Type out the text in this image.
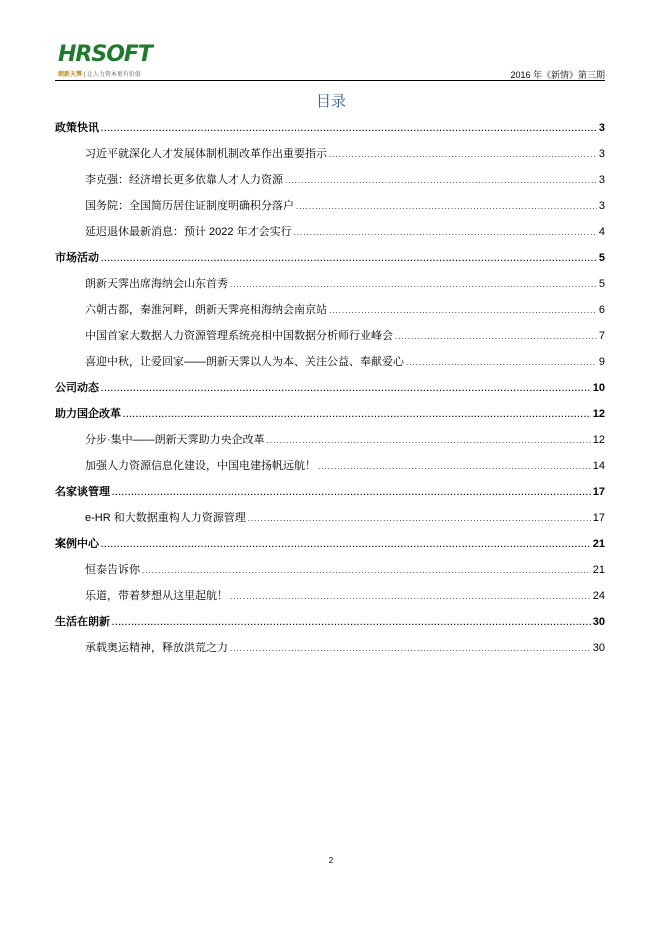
HRSOFT
朗新天霁 | 让人力资本更有价值	2016 年《新情》第三期
目录
政策快讯 .....	3
习近平就深化人才发展体制机制改革作出重要指示 .....	3
李克强：经济增长更多依靠人才人力资源 .....	3
国务院：全国简历居住证制度明确积分落户 .....	3
延迟退休最新消息：预计 2022 年才会实行 .....	4
市场活动 .....	5
朗新天霁出席海纳会山东首秀 .....	5
六朝古都，秦淮河畔，朗新天霁亮相海纳会南京站 .....	6
中国首家大数据人力资源管理系统亮相中国数据分析师行业峰会 .....	7
喜迎中秋，让爱回家——朗新天霁以人为本、关注公益、奉献爱心 .....	9
公司动态 .....	10
助力国企改革 .....	12
分步·集中——朗新天霁助力央企改革 .....	12
加强人力资源信息化建设，中国电建扬帆远航！ .....	14
名家谈管理 .....	17
e-HR 和大数据重构人力资源管理 .....	17
案例中心 .....	21
恒泰告诉你 .....	21
乐道，带着梦想从这里起航！ .....	24
生活在朗新 .....	30
承载奥运精神，释放洪荒之力 .....	30
2
